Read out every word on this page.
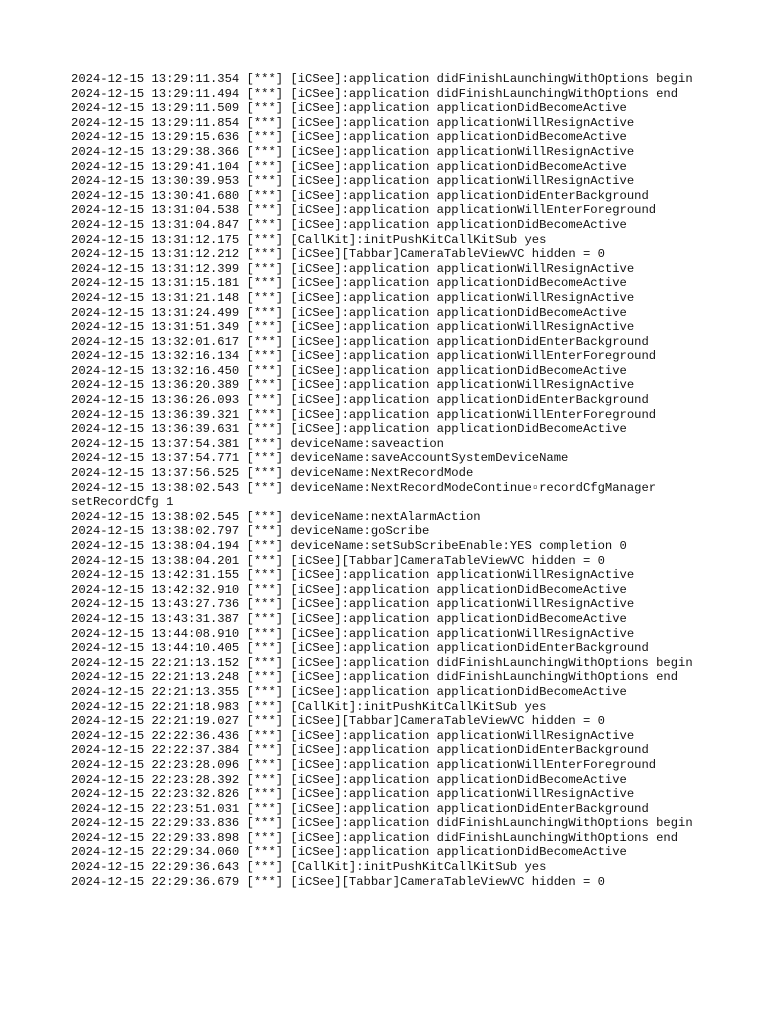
2024-12-15 13:29:11.354 [***] [iCSee]:application didFinishLaunchingWithOptions begin
2024-12-15 13:29:11.494 [***] [iCSee]:application didFinishLaunchingWithOptions end
2024-12-15 13:29:11.509 [***] [iCSee]:application applicationDidBecomeActive
2024-12-15 13:29:11.854 [***] [iCSee]:application applicationWillResignActive
2024-12-15 13:29:15.636 [***] [iCSee]:application applicationDidBecomeActive
2024-12-15 13:29:38.366 [***] [iCSee]:application applicationWillResignActive
2024-12-15 13:29:41.104 [***] [iCSee]:application applicationDidBecomeActive
2024-12-15 13:30:39.953 [***] [iCSee]:application applicationWillResignActive
2024-12-15 13:30:41.680 [***] [iCSee]:application applicationDidEnterBackground
2024-12-15 13:31:04.538 [***] [iCSee]:application applicationWillEnterForeground
2024-12-15 13:31:04.847 [***] [iCSee]:application applicationDidBecomeActive
2024-12-15 13:31:12.175 [***] [CallKit]:initPushKitCallKitSub yes
2024-12-15 13:31:12.212 [***] [iCSee][Tabbar]CameraTableViewVC hidden = 0
2024-12-15 13:31:12.399 [***] [iCSee]:application applicationWillResignActive
2024-12-15 13:31:15.181 [***] [iCSee]:application applicationDidBecomeActive
2024-12-15 13:31:21.148 [***] [iCSee]:application applicationWillResignActive
2024-12-15 13:31:24.499 [***] [iCSee]:application applicationDidBecomeActive
2024-12-15 13:31:51.349 [***] [iCSee]:application applicationWillResignActive
2024-12-15 13:32:01.617 [***] [iCSee]:application applicationDidEnterBackground
2024-12-15 13:32:16.134 [***] [iCSee]:application applicationWillEnterForeground
2024-12-15 13:32:16.450 [***] [iCSee]:application applicationDidBecomeActive
2024-12-15 13:36:20.389 [***] [iCSee]:application applicationWillResignActive
2024-12-15 13:36:26.093 [***] [iCSee]:application applicationDidEnterBackground
2024-12-15 13:36:39.321 [***] [iCSee]:application applicationWillEnterForeground
2024-12-15 13:36:39.631 [***] [iCSee]:application applicationDidBecomeActive
2024-12-15 13:37:54.381 [***] deviceName:saveaction
2024-12-15 13:37:54.771 [***] deviceName:saveAccountSystemDeviceName
2024-12-15 13:37:56.525 [***] deviceName:NextRecordMode
2024-12-15 13:38:02.543 [***] deviceName:NextRecordModeContinue▫recordCfgManager setRecordCfg 1
2024-12-15 13:38:02.545 [***] deviceName:nextAlarmAction
2024-12-15 13:38:02.797 [***] deviceName:goScribe
2024-12-15 13:38:04.194 [***] deviceName:setSubScribeEnable:YES completion 0
2024-12-15 13:38:04.201 [***] [iCSee][Tabbar]CameraTableViewVC hidden = 0
2024-12-15 13:42:31.155 [***] [iCSee]:application applicationWillResignActive
2024-12-15 13:42:32.910 [***] [iCSee]:application applicationDidBecomeActive
2024-12-15 13:43:27.736 [***] [iCSee]:application applicationWillResignActive
2024-12-15 13:43:31.387 [***] [iCSee]:application applicationDidBecomeActive
2024-12-15 13:44:08.910 [***] [iCSee]:application applicationWillResignActive
2024-12-15 13:44:10.405 [***] [iCSee]:application applicationDidEnterBackground
2024-12-15 22:21:13.152 [***] [iCSee]:application didFinishLaunchingWithOptions begin
2024-12-15 22:21:13.248 [***] [iCSee]:application didFinishLaunchingWithOptions end
2024-12-15 22:21:13.355 [***] [iCSee]:application applicationDidBecomeActive
2024-12-15 22:21:18.983 [***] [CallKit]:initPushKitCallKitSub yes
2024-12-15 22:21:19.027 [***] [iCSee][Tabbar]CameraTableViewVC hidden = 0
2024-12-15 22:22:36.436 [***] [iCSee]:application applicationWillResignActive
2024-12-15 22:22:37.384 [***] [iCSee]:application applicationDidEnterBackground
2024-12-15 22:23:28.096 [***] [iCSee]:application applicationWillEnterForeground
2024-12-15 22:23:28.392 [***] [iCSee]:application applicationDidBecomeActive
2024-12-15 22:23:32.826 [***] [iCSee]:application applicationWillResignActive
2024-12-15 22:23:51.031 [***] [iCSee]:application applicationDidEnterBackground
2024-12-15 22:29:33.836 [***] [iCSee]:application didFinishLaunchingWithOptions begin
2024-12-15 22:29:33.898 [***] [iCSee]:application didFinishLaunchingWithOptions end
2024-12-15 22:29:34.060 [***] [iCSee]:application applicationDidBecomeActive
2024-12-15 22:29:36.643 [***] [CallKit]:initPushKitCallKitSub yes
2024-12-15 22:29:36.679 [***] [iCSee][Tabbar]CameraTableViewVC hidden = 0
